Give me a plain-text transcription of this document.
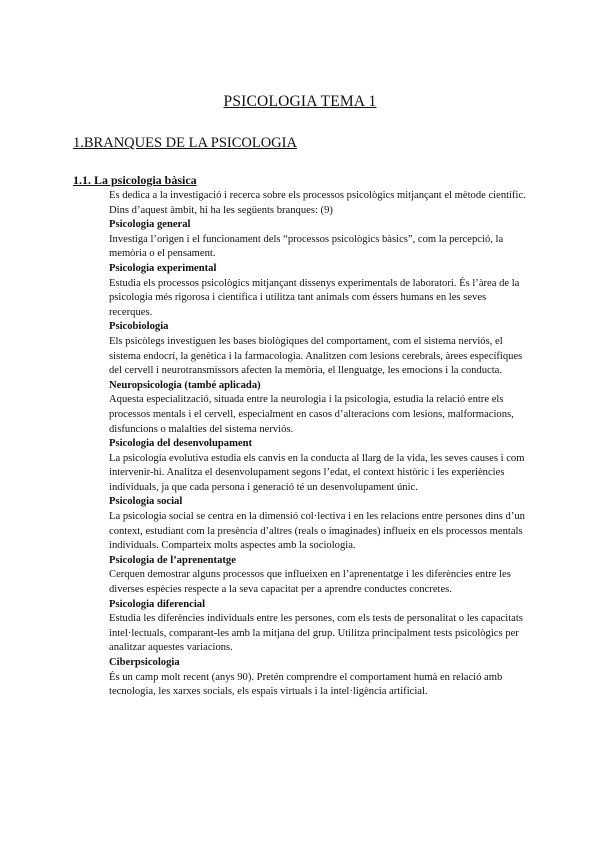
PSICOLOGIA TEMA 1
1.BRANQUES DE LA PSICOLOGIA
1.1. La psicologia bàsica

Es dedica a la investigació i recerca sobre els processos psicològics mitjançant el mètode científic.

Dins d’aquest àmbit, hi ha les següents branques: (9)

Psicologia general

Investiga l’origen i el funcionament dels “processos psicològics bàsics”, com la percepció, la memòria o el pensament.

Psicologia experimental

Estudia els processos psicològics mitjançant dissenys experimentals de laboratori. És l’àrea de la psicologia més rigorosa i científica i utilitza tant animals com éssers humans en les seves recerques.

Psicobiologia

Els psicòlegs investiguen les bases biològiques del comportament, com el sistema nerviós, el sistema endocrí, la genètica i la farmacologia. Analitzen com lesions cerebrals, àrees específiques del cervell i neurotransmissors afecten la memòria, el llenguatge, les emocions i la conducta.

Neuropsicologia (també aplicada)

Aquesta especialització, situada entre la neurologia i la psicologia, estudia la relació entre els processos mentals i el cervell, especialment en casos d’alteracions com lesions, malformacions, disfuncions o malalties del sistema nerviós.

Psicologia del desenvolupament

La psicologia evolutiva estudia els canvis en la conducta al llarg de la vida, les seves causes i com intervenir-hi. Analitza el desenvolupament segons l’edat, el context històric i les experiències individuals, ja que cada persona i generació té un desenvolupament únic.

Psicologia social

La psicologia social se centra en la dimensió col·lectiva i en les relacions entre persones dins d’un context, estudiant com la presència d’altres (reals o imaginades) influeix en els processos mentals individuals. Comparteix molts aspectes amb la sociologia.

Psicologia de l’aprenentatge

Cerquen demostrar alguns processos que influeixen en l’aprenentatge i les diferències entre les diverses espècies respecte a la seva capacitat per a aprendre conductes concretes.

Psicologia diferencial

Estudia les diferències individuals entre les persones, com els tests de personalitat o les capacitats intel·lectuals, comparant-les amb la mitjana del grup. Utilitza principalment tests psicològics per analitzar aquestes variacions.

Ciberpsicologia

És un camp molt recent (anys 90). Pretén comprendre el comportament humà en relació amb tecnologia, les xarxes socials, els espais virtuals i la intel·ligència artificial.
